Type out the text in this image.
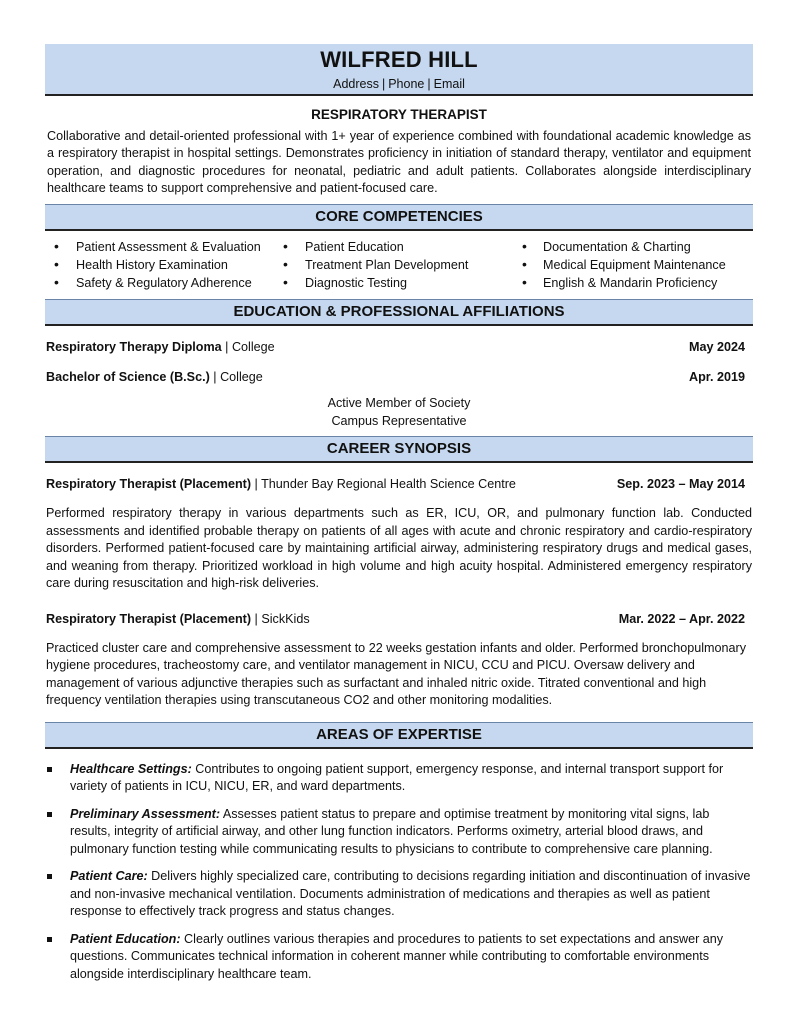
WILFRED HILL
Address | Phone | Email
RESPIRATORY THERAPIST
Collaborative and detail-oriented professional with 1+ year of experience combined with foundational academic knowledge as a respiratory therapist in hospital settings. Demonstrates proficiency in initiation of standard therapy, ventilator and equipment operation, and diagnostic procedures for neonatal, pediatric and adult patients. Collaborates alongside interdisciplinary healthcare teams to support comprehensive and patient-focused care.
CORE COMPETENCIES
• Patient Assessment & Evaluation
• Health History Examination
• Safety & Regulatory Adherence
• Patient Education
• Treatment Plan Development
• Diagnostic Testing
• Documentation & Charting
• Medical Equipment Maintenance
• English & Mandarin Proficiency
EDUCATION & PROFESSIONAL AFFILIATIONS
Respiratory Therapy Diploma | College	May 2024
Bachelor of Science (B.Sc.) | College	Apr. 2019
Active Member of Society
Campus Representative
CAREER SYNOPSIS
Respiratory Therapist (Placement) | Thunder Bay Regional Health Science Centre	Sep. 2023 – May 2014
Performed respiratory therapy in various departments such as ER, ICU, OR, and pulmonary function lab. Conducted assessments and identified probable therapy on patients of all ages with acute and chronic respiratory and cardio-respiratory disorders. Performed patient-focused care by maintaining artificial airway, administering respiratory drugs and medical gases, and weaning from therapy. Prioritized workload in high volume and high acuity hospital. Administered emergency respiratory care during resuscitation and high-risk deliveries.
Respiratory Therapist (Placement) | SickKids	Mar. 2022 – Apr. 2022
Practiced cluster care and comprehensive assessment to 22 weeks gestation infants and older. Performed bronchopulmonary hygiene procedures, tracheostomy care, and ventilator management in NICU, CCU and PICU. Oversaw delivery and management of various adjunctive therapies such as surfactant and inhaled nitric oxide. Titrated conventional and high frequency ventilation therapies using transcutaneous CO2 and other monitoring modalities.
AREAS OF EXPERTISE
Healthcare Settings: Contributes to ongoing patient support, emergency response, and internal transport support for variety of patients in ICU, NICU, ER, and ward departments.
Preliminary Assessment: Assesses patient status to prepare and optimise treatment by monitoring vital signs, lab results, integrity of artificial airway, and other lung function indicators. Performs oximetry, arterial blood draws, and pulmonary function testing while communicating results to physicians to contribute to comprehensive care planning.
Patient Care: Delivers highly specialized care, contributing to decisions regarding initiation and discontinuation of invasive and non-invasive mechanical ventilation. Documents administration of medications and therapies as well as patient response to effectively track progress and status changes.
Patient Education: Clearly outlines various therapies and procedures to patients to set expectations and answer any questions. Communicates technical information in coherent manner while contributing to comfortable environments alongside interdisciplinary healthcare team.
